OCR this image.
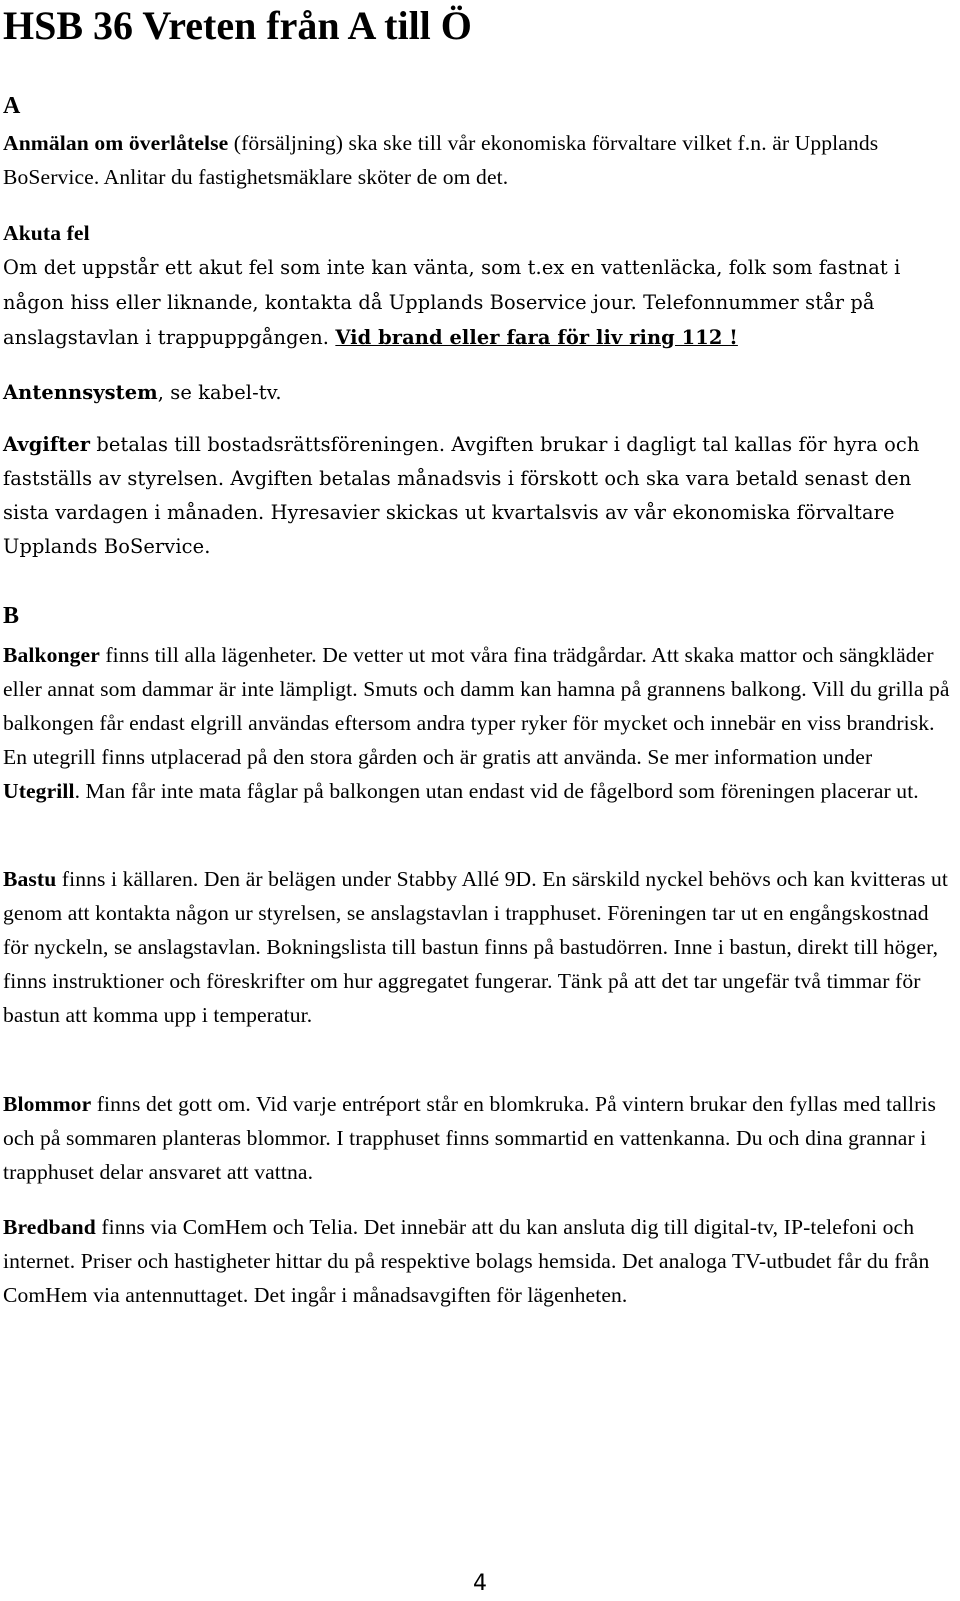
HSB 36 Vreten från A till Ö
A

Anmälan om överlåtelse (försäljning) ska ske till vår ekonomiska förvaltare vilket f.n. är Upplands BoService. Anlitar du fastighetsmäklare sköter de om det.

Akuta fel
Om det uppstår ett akut fel som inte kan vänta, som t.ex en vattenläcka, folk som fastnat i någon hiss eller liknande, kontakta då Upplands Boservice jour. Telefonnummer står på anslagstavlan i trappuppgången. Vid brand eller fara för liv ring 112 !

Antennsystem, se kabel-tv.

Avgifter betalas till bostadsrättsföreningen. Avgiften brukar i dagligt tal kallas för hyra och fastställs av styrelsen. Avgiften betalas månadsvis i förskott och ska vara betald senast den sista vardagen i månaden. Hyresavier skickas ut kvartalsvis av vår ekonomiska förvaltare Upplands BoService.

B

Balkonger finns till alla lägenheter. De vetter ut mot våra fina trädgårdar. Att skaka mattor och sängkläder eller annat som dammar är inte lämpligt. Smuts och damm kan hamna på grannens balkong. Vill du grilla på balkongen får endast elgrill användas eftersom andra typer ryker för mycket och innebär en viss brandrisk. En utegrill finns utplacerad på den stora gården och är gratis att använda. Se mer information under Utegrill. Man får inte mata fåglar på balkongen utan endast vid de fågelbord som föreningen placerar ut.

Bastu finns i källaren. Den är belägen under Stabby Allé 9D. En särskild nyckel behövs och kan kvitteras ut genom att kontakta någon ur styrelsen, se anslagstavlan i trapphuset. Föreningen tar ut en engångskostnad för nyckeln, se anslagstavlan. Bokningslista till bastun finns på bastudörren. Inne i bastun, direkt till höger, finns instruktioner och föreskrifter om hur aggregatet fungerar. Tänk på att det tar ungefär två timmar för bastun att komma upp i temperatur.

Blommor finns det gott om. Vid varje entréport står en blomkruka. På vintern brukar den fyllas med tallris och på sommaren planteras blommor. I trapphuset finns sommartid en vattenkanna. Du och dina grannar i trapphuset delar ansvaret att vattna.

Bredband finns via ComHem och Telia. Det innebär att du kan ansluta dig till digital-tv, IP-telefoni och internet. Priser och hastigheter hittar du på respektive bolags hemsida. Det analoga TV-utbudet får du från ComHem via antennuttaget. Det ingår i månadsavgiften för lägenheten.

4
